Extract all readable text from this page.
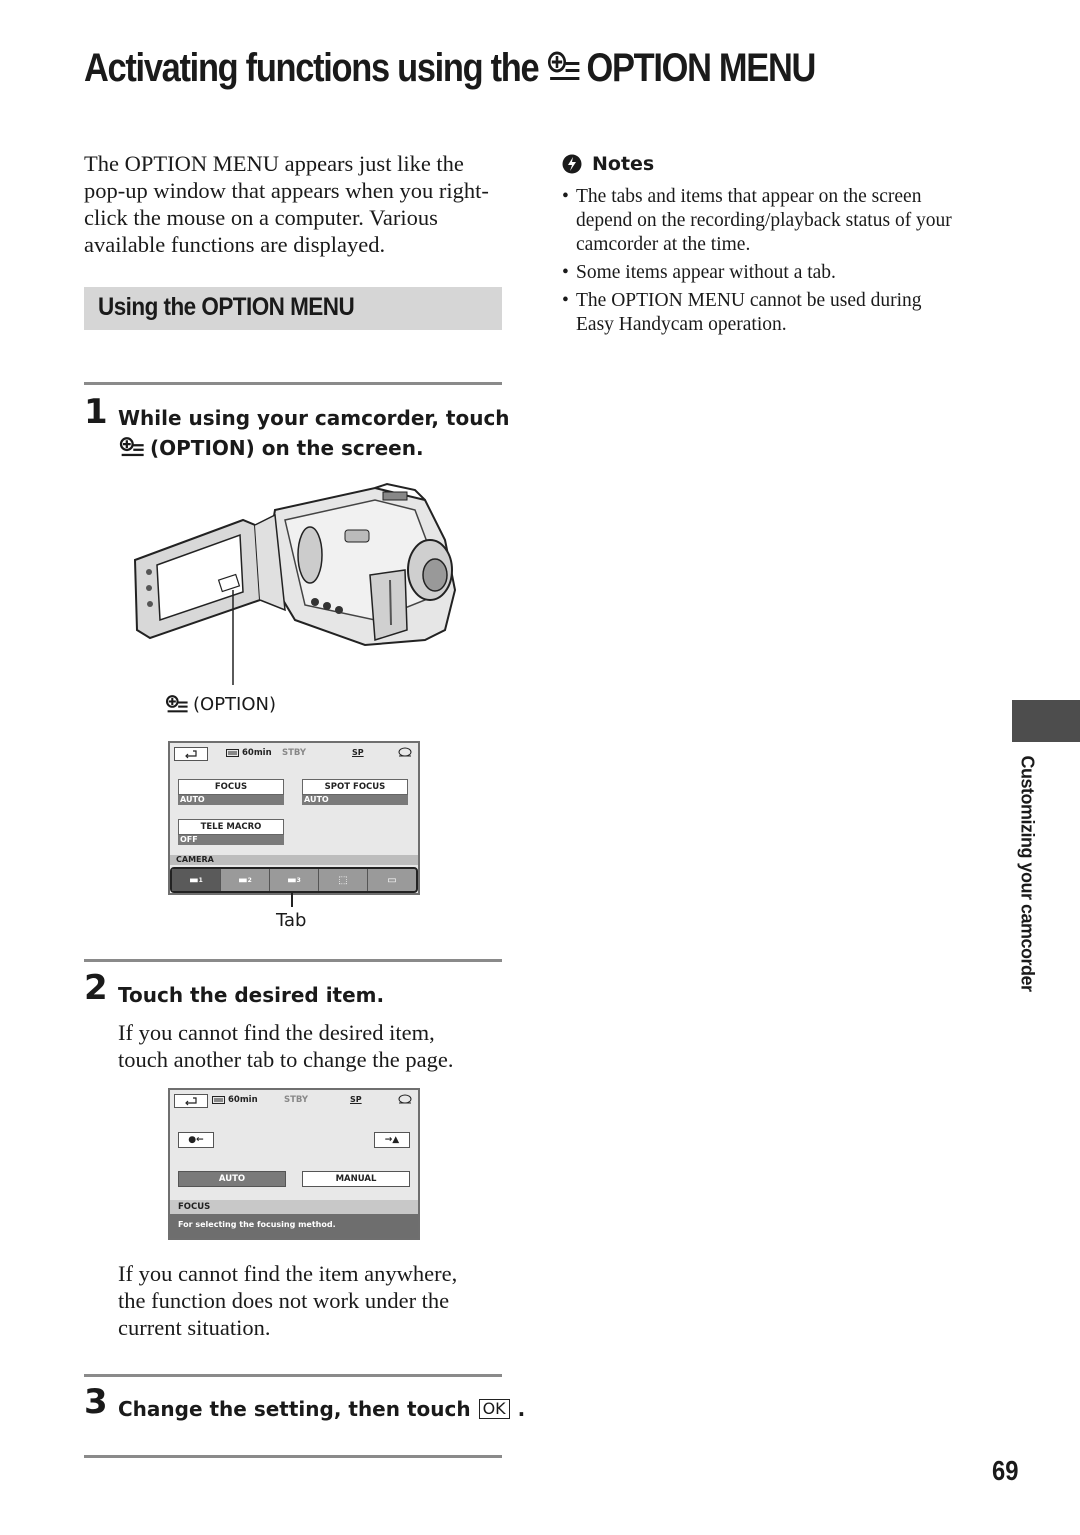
Activating functions using the OPTION MENU
The OPTION MENU appears just like the pop-up window that appears when you right-click the mouse on a computer. Various available functions are displayed.
Using the OPTION MENU
1 While using your camcorder, touch
(OPTION) on the screen.
(OPTION)
60min STBY	SP
FOCUS
AUTO
SPOT FOCUS
AUTO
TELE MACRO
OFF
CAMERA
▬ 1	▬ 2	▬ 3	⬚	▭
Tab
2 Touch the desired item.
If you cannot find the desired item, touch another tab to change the page.
60min	STBY	SP
●←	→▲
AUTO	MANUAL
FOCUS
For selecting the focusing method.
If you cannot find the item anywhere, the function does not work under the current situation.
3 Change the setting, then touch OK .
Notes
• The tabs and items that appear on the screen depend on the recording/playback status of your camcorder at the time.
• Some items appear without a tab.
• The OPTION MENU cannot be used during Easy Handycam operation.
Customizing your camcorder
69
